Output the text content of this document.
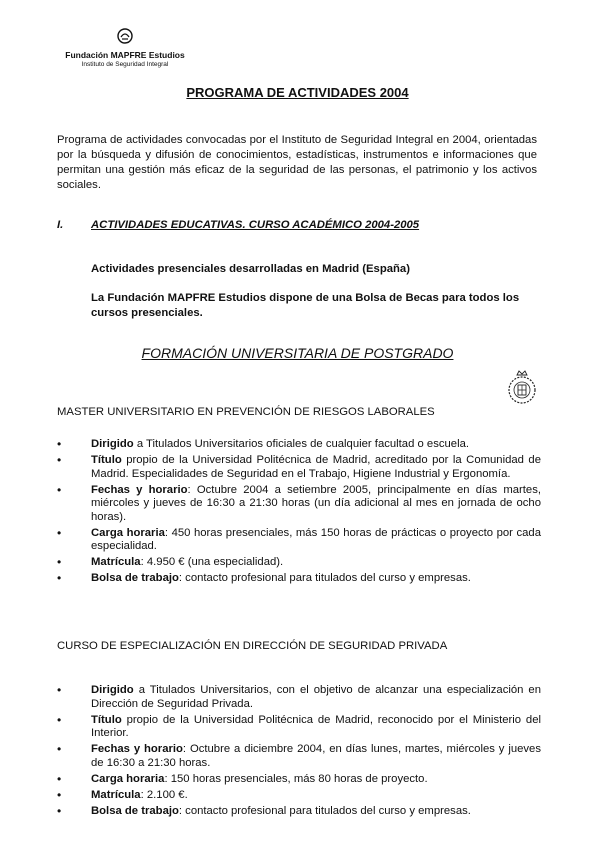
Fundación MAPFRE Estudios
Instituto de Seguridad Integral
PROGRAMA DE ACTIVIDADES 2004

Programa de actividades convocadas por el Instituto de Seguridad Integral en 2004, orientadas por la búsqueda y difusión de conocimientos, estadísticas, instrumentos e informaciones que permitan una gestión más eficaz de la seguridad de las personas, el patrimonio y los activos sociales.

I. ACTIVIDADES EDUCATIVAS. CURSO ACADÉMICO 2004-2005

Actividades presenciales desarrolladas en Madrid (España)

La Fundación MAPFRE Estudios dispone de una Bolsa de Becas para todos los cursos presenciales.

FORMACIÓN UNIVERSITARIA DE POSTGRADO
MASTER UNIVERSITARIO EN PREVENCIÓN DE RIESGOS LABORALES
•	Dirigido a Titulados Universitarios oficiales de cualquier facultad o escuela.
•	Título propio de la Universidad Politécnica de Madrid, acreditado por la Comunidad de Madrid. Especialidades de Seguridad en el Trabajo, Higiene Industrial y Ergonomía.
•	Fechas y horario: Octubre 2004 a setiembre 2005, principalmente en días martes, miércoles y jueves de 16:30 a 21:30 horas (un día adicional al mes en jornada de ocho horas).
•	Carga horaria: 450 horas presenciales, más 150 horas de prácticas o proyecto por cada especialidad.
•	Matrícula: 4.950 € (una especialidad).
•	Bolsa de trabajo: contacto profesional para titulados del curso y empresas.
CURSO DE ESPECIALIZACIÓN EN DIRECCIÓN DE SEGURIDAD PRIVADA
•	Dirigido a Titulados Universitarios, con el objetivo de alcanzar una especialización en Dirección de Seguridad Privada.
•	Título propio de la Universidad Politécnica de Madrid, reconocido por el Ministerio del Interior.
•	Fechas y horario: Octubre a diciembre 2004, en días lunes, martes, miércoles y jueves de 16:30 a 21:30 horas.
•	Carga horaria: 150 horas presenciales, más 80 horas de proyecto.
•	Matrícula: 2.100 €.
•	Bolsa de trabajo: contacto profesional para titulados del curso y empresas.
